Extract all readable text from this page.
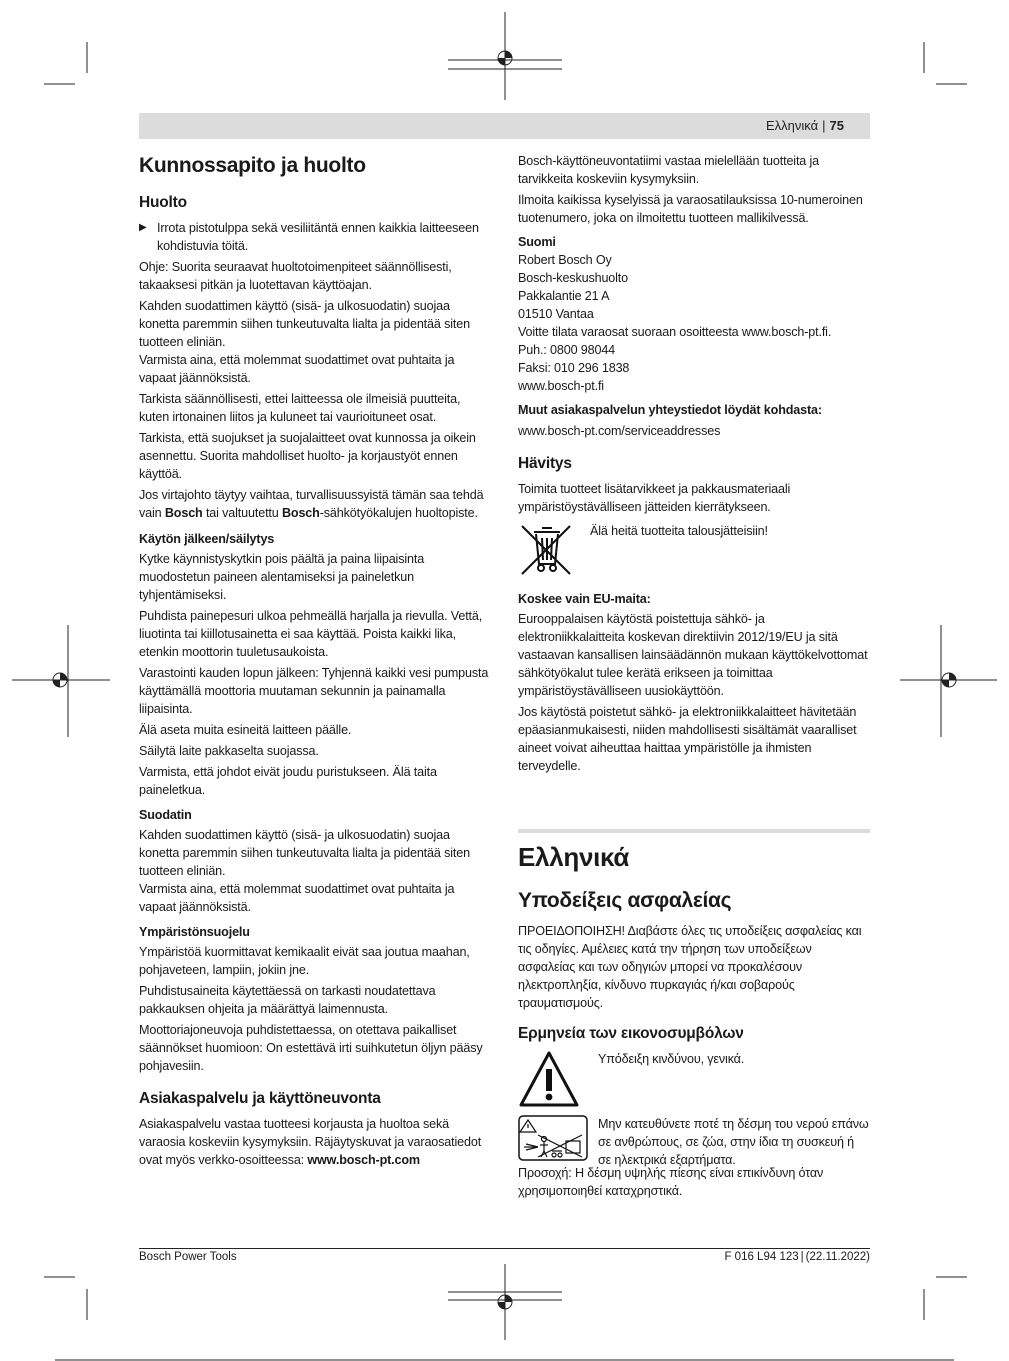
Ελληνικά | 75
Kunnossapito ja huolto
Huolto

▶ Irrota pistotulppa sekä vesiliitäntä ennen kaikkia laitteeseen kohdistuvia töitä.

Ohje: Suorita seuraavat huoltotoimenpiteet säännöllisesti, takaaksesi pitkän ja luotettavan käyttöajan.

Kahden suodattimen käyttö (sisä- ja ulkosuodatin) suojaa konetta paremmin siihen tunkeutuvalta lialta ja pidentää siten tuotteen eliniän.

Varmista aina, että molemmat suodattimet ovat puhtaita ja vapaat jäännöksistä.

Tarkista säännöllisesti, ettei laitteessa ole ilmeisiä puutteita, kuten irtonainen liitos ja kuluneet tai vaurioituneet osat.

Tarkista, että suojukset ja suojalaitteet ovat kunnossa ja oikein asennettu. Suorita mahdolliset huolto- ja korjaustyöt ennen käyttöä.

Jos virtajohto täytyy vaihtaa, turvallisuussyistä tämän saa tehdä vain Bosch tai valtuutettu Bosch-sähkötyökalujen huoltopiste.

Käytön jälkeen/säilytys

Kytke käynnistyskytkin pois päältä ja paina liipaisinta muodostetun paineen alentamiseksi ja paineletkun tyhjentämiseksi.

Puhdista painepesuri ulkoa pehmeällä harjalla ja rievulla. Vettä, liuotinta tai kiillotusainetta ei saa käyttää. Poista kaikki lika, etenkin moottorin tuuletusaukoista.

Varastointi kauden lopun jälkeen: Tyhjennä kaikki vesi pumpusta käyttämällä moottoria muutaman sekunnin ja painamalla liipaisinta.

Älä aseta muita esineitä laitteen päälle.

Säilytä laite pakkaselta suojassa.

Varmista, että johdot eivät joudu puristukseen. Älä taita paineletkua.

Suodatin

Kahden suodattimen käyttö (sisä- ja ulkosuodatin) suojaa konetta paremmin siihen tunkeutuvalta lialta ja pidentää siten tuotteen eliniän.

Varmista aina, että molemmat suodattimet ovat puhtaita ja vapaat jäännöksistä.

Ympäristönsuojelu

Ympäristöä kuormittavat kemikaalit eivät saa joutua maahan, pohjaveteen, lampiin, jokiin jne.

Puhdistusaineita käytettäessä on tarkasti noudatettava pakkauksen ohjeita ja määrättyä laimennusta.

Moottoriajoneuvoja puhdistettaessa, on otettava paikalliset säännökset huomioon: On estettävä irti suihkutetun öljyn pääsy pohjavesiin.

Asiakaspalvelu ja käyttöneuvonta

Asiakaspalvelu vastaa tuotteesi korjausta ja huoltoa sekä varaosia koskeviin kysymyksiin. Räjäytyskuvat ja varaosatiedot ovat myös verkko-osoitteessa: www.bosch-pt.com

Bosch-käyttöneuvontatiimi vastaa mielellään tuotteita ja tarvikkeita koskeviin kysymyksiin.

Ilmoita kaikissa kyselyissä ja varaosatilauksissa 10-numeroinen tuotenumero, joka on ilmoitettu tuotteen mallikilvessä.

Suomi

Robert Bosch Oy

Bosch-keskushuolto

Pakkalantie 21 A

01510 Vantaa

Voitte tilata varaosat suoraan osoitteesta www.bosch-pt.fi.

Puh.: 0800 98044

Faksi: 010 296 1838

www.bosch-pt.fi

Muut asiakaspalvelun yhteystiedot löydät kohdasta:

www.bosch-pt.com/serviceaddresses

Hävitys

Toimita tuotteet lisätarvikkeet ja pakkausmateriaali ympäristöystävälliseen jätteiden kierrätykseen.

Älä heitä tuotteita talousjätteisiin!

Koskee vain EU-maita:

Eurooppalaisen käytöstä poistettuja sähkö- ja elektroniikkalaitteita koskevan direktiivin 2012/19/EU ja sitä vastaavan kansallisen lainsäädännön mukaan käyttökelvottomat sähkötyökalut tulee kerätä erikseen ja toimittaa ympäristöystävälliseen uusiokäyttöön.

Jos käytöstä poistetut sähkö- ja elektroniikkalaitteet hävitetään epäasianmukaisesti, niiden mahdollisesti sisältämät vaaralliset aineet voivat aiheuttaa haittaa ympäristölle ja ihmisten terveydelle.

Ελληνικά
Υποδείξεις ασφαλείας

ΠΡΟΕΙΔΟΠΟΙΗΣΗ! Διαβάστε όλες τις υποδείξεις ασφαλείας και τις οδηγίες. Αμέλειες κατά την τήρηση των υποδείξεων ασφαλείας και των οδηγιών μπορεί να προκαλέσουν ηλεκτροπληξία, κίνδυνο πυρκαγιάς ή/και σοβαρούς τραυματισμούς.

Ερμηνεία των εικονοσυμβόλων

Υπόδειξη κινδύνου, γενικά.

Μην κατευθύνετε ποτέ τη δέσμη του νερού επάνω σε ανθρώπους, σε ζώα, στην ίδια τη συσκευή ή σε ηλεκτρικά εξαρτήματα.

Προσοχή: Η δέσμη υψηλής πίεσης είναι επικίνδυνη όταν χρησιμοποιηθεί καταχρηστικά.

Bosch Power Tools	F 016 L94 123 | (22.11.2022)
